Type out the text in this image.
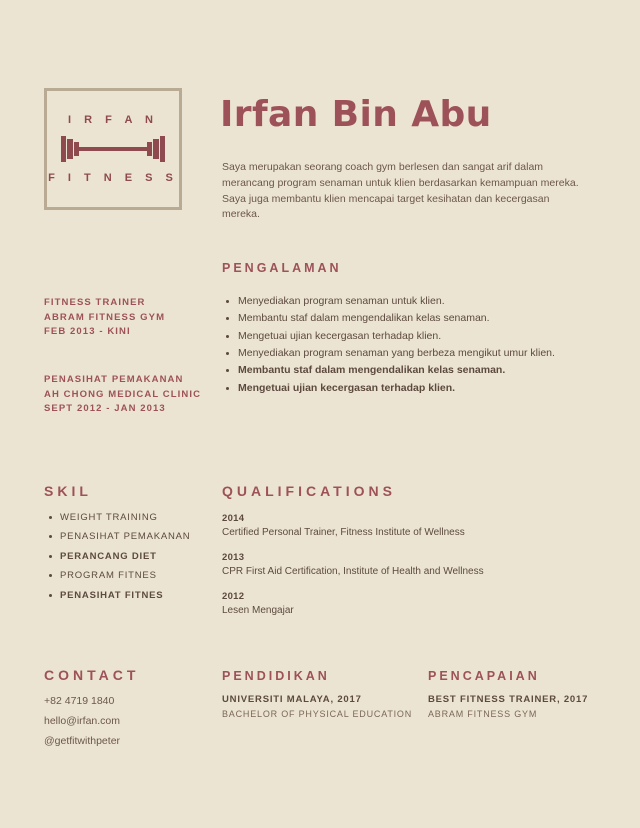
I R F A N
F I T N E S S
Irfan Bin Abu
Saya merupakan seorang coach gym berlesen dan sangat arif dalam merancang program senaman untuk klien berdasarkan kemampuan mereka. Saya juga membantu klien mencapai target kesihatan dan kecergasan mereka.
PENGALAMAN
FITNESS TRAINER
ABRAM FITNESS GYM
FEB 2013 - KINI
Menyediakan program senaman untuk klien.
Membantu staf dalam mengendalikan kelas senaman.
Mengetuai ujian kecergasan terhadap klien.
PENASIHAT PEMAKANAN
AH CHONG MEDICAL CLINIC
SEPT 2012 - JAN 2013
Menyediakan program senaman yang berbeza mengikut umur klien.
Membantu staf dalam mengendalikan kelas senaman.
Mengetuai ujian kecergasan terhadap klien.
SKIL
WEIGHT TRAINING
PENASIHAT PEMAKANAN
PERANCANG DIET
PROGRAM FITNES
PENASIHAT FITNES
QUALIFICATIONS
2014
Certified Personal Trainer, Fitness Institute of Wellness
2013
CPR First Aid Certification, Institute of Health and Wellness
2012
Lesen Mengajar
CONTACT
+82 4719 1840
hello@irfan.com
@getfitwithpeter
PENDIDIKAN
UNIVERSITI MALAYA, 2017
BACHELOR OF PHYSICAL EDUCATION
PENCAPAIAN
BEST FITNESS TRAINER, 2017
ABRAM FITNESS GYM
